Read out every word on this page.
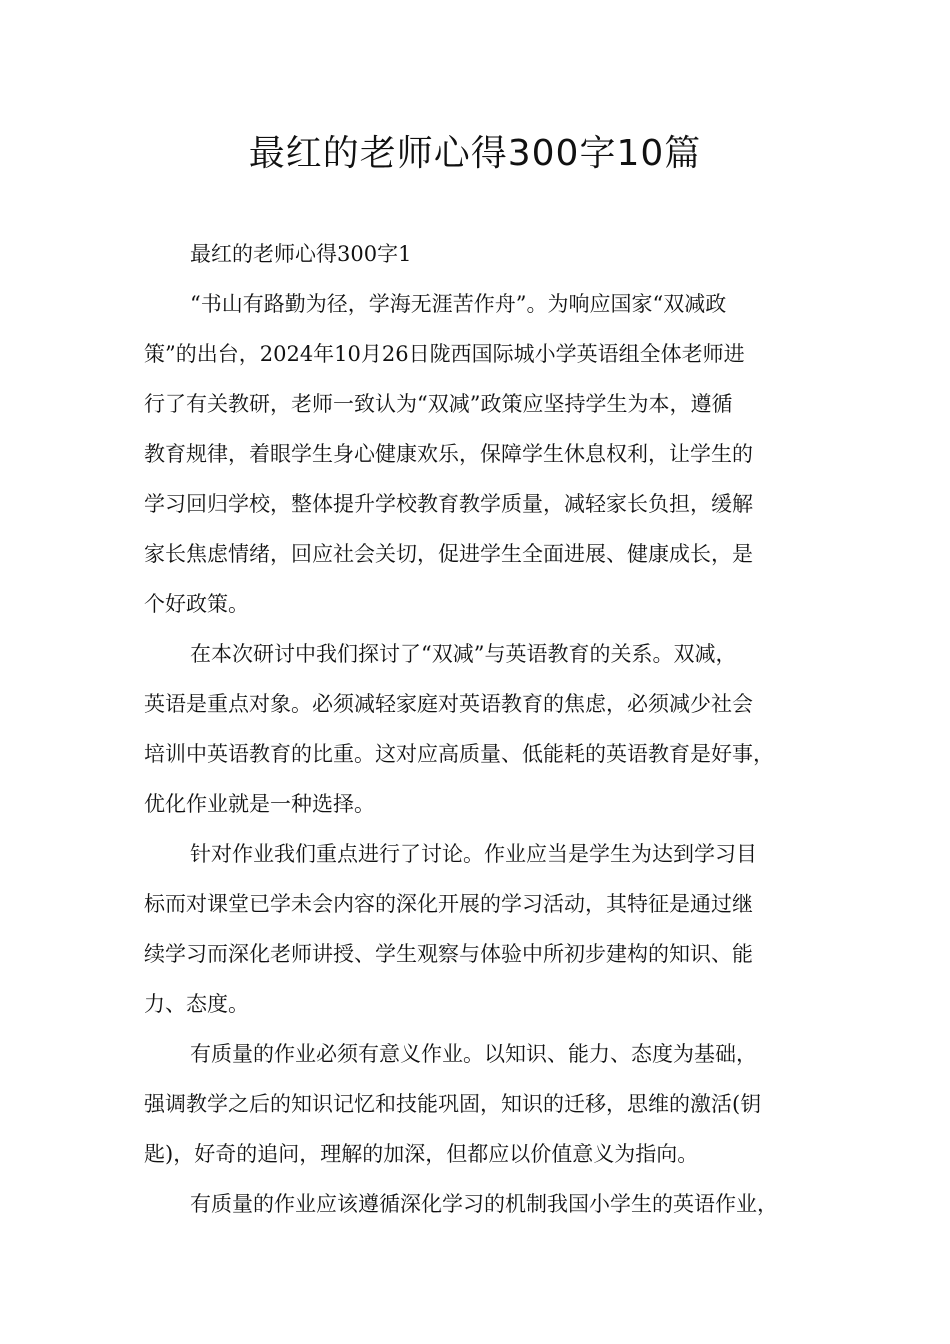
最红的老师心得300字10篇
最红的老师心得300字1
“书山有路勤为径，学海无涯苦作舟”。为响应国家“双减政
策”的出台，2024年10月26日陇西国际城小学英语组全体老师进
行了有关教研，老师一致认为“双减”政策应坚持学生为本，遵循
教育规律，着眼学生身心健康欢乐，保障学生休息权利，让学生的
学习回归学校，整体提升学校教育教学质量，减轻家长负担，缓解
家长焦虑情绪，回应社会关切，促进学生全面进展、健康成长，是
个好政策。
在本次研讨中我们探讨了“双减”与英语教育的关系。双减，
英语是重点对象。必须减轻家庭对英语教育的焦虑，必须减少社会
培训中英语教育的比重。这对应高质量、低能耗的英语教育是好事，
优化作业就是一种选择。
针对作业我们重点进行了讨论。作业应当是学生为达到学习目
标而对课堂已学未会内容的深化开展的学习活动，其特征是通过继
续学习而深化老师讲授、学生观察与体验中所初步建构的知识、能
力、态度。
有质量的作业必须有意义作业。以知识、能力、态度为基础，
强调教学之后的知识记忆和技能巩固，知识的迁移，思维的激活(钥
匙)，好奇的追问，理解的加深，但都应以价值意义为指向。
有质量的作业应该遵循深化学习的机制我国小学生的英语作业，
